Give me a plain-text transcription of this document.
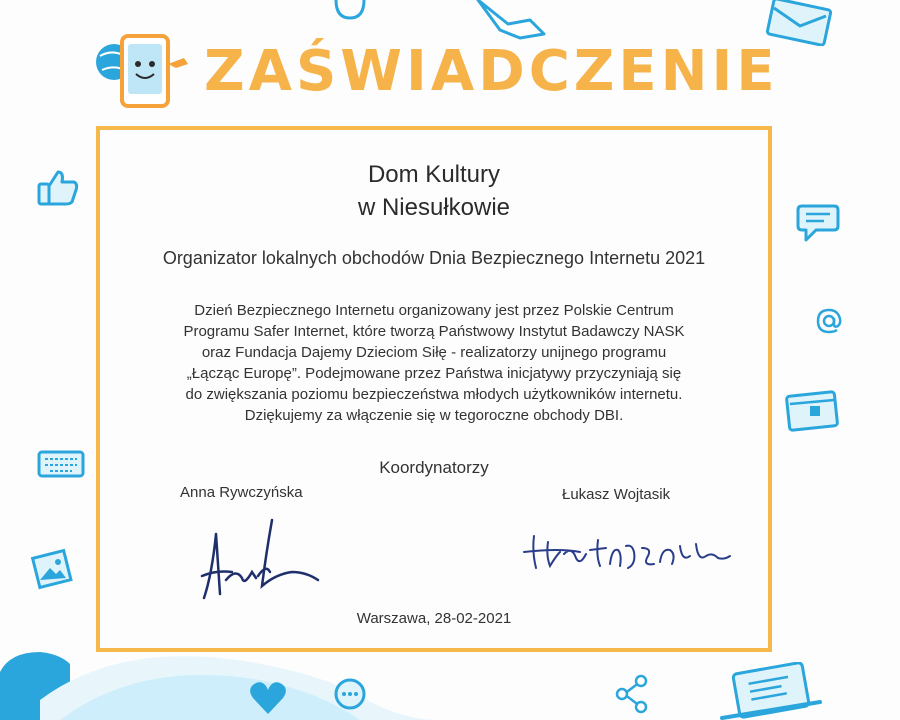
ZAŚWIADCZENIE
Dom Kultury
w Niesułkowie
Organizator lokalnych obchodów Dnia Bezpiecznego Internetu 2021
Dzień Bezpiecznego Internetu organizowany jest przez Polskie Centrum
Programu Safer Internet, które tworzą Państwowy Instytut Badawczy NASK
oraz Fundacja Dajemy Dzieciom Siłę - realizatorzy unijnego programu
„Łącząc Europę”. Podejmowane przez Państwa inicjatywy przyczyniają się
do zwiększania poziomu bezpieczeństwa młodych użytkowników internetu.
Dziękujemy za włączenie się w tegoroczne obchody DBI.
Koordynatorzy
Anna Rywczyńska	Łukasz Wojtasik
Warszawa, 28-02-2021
